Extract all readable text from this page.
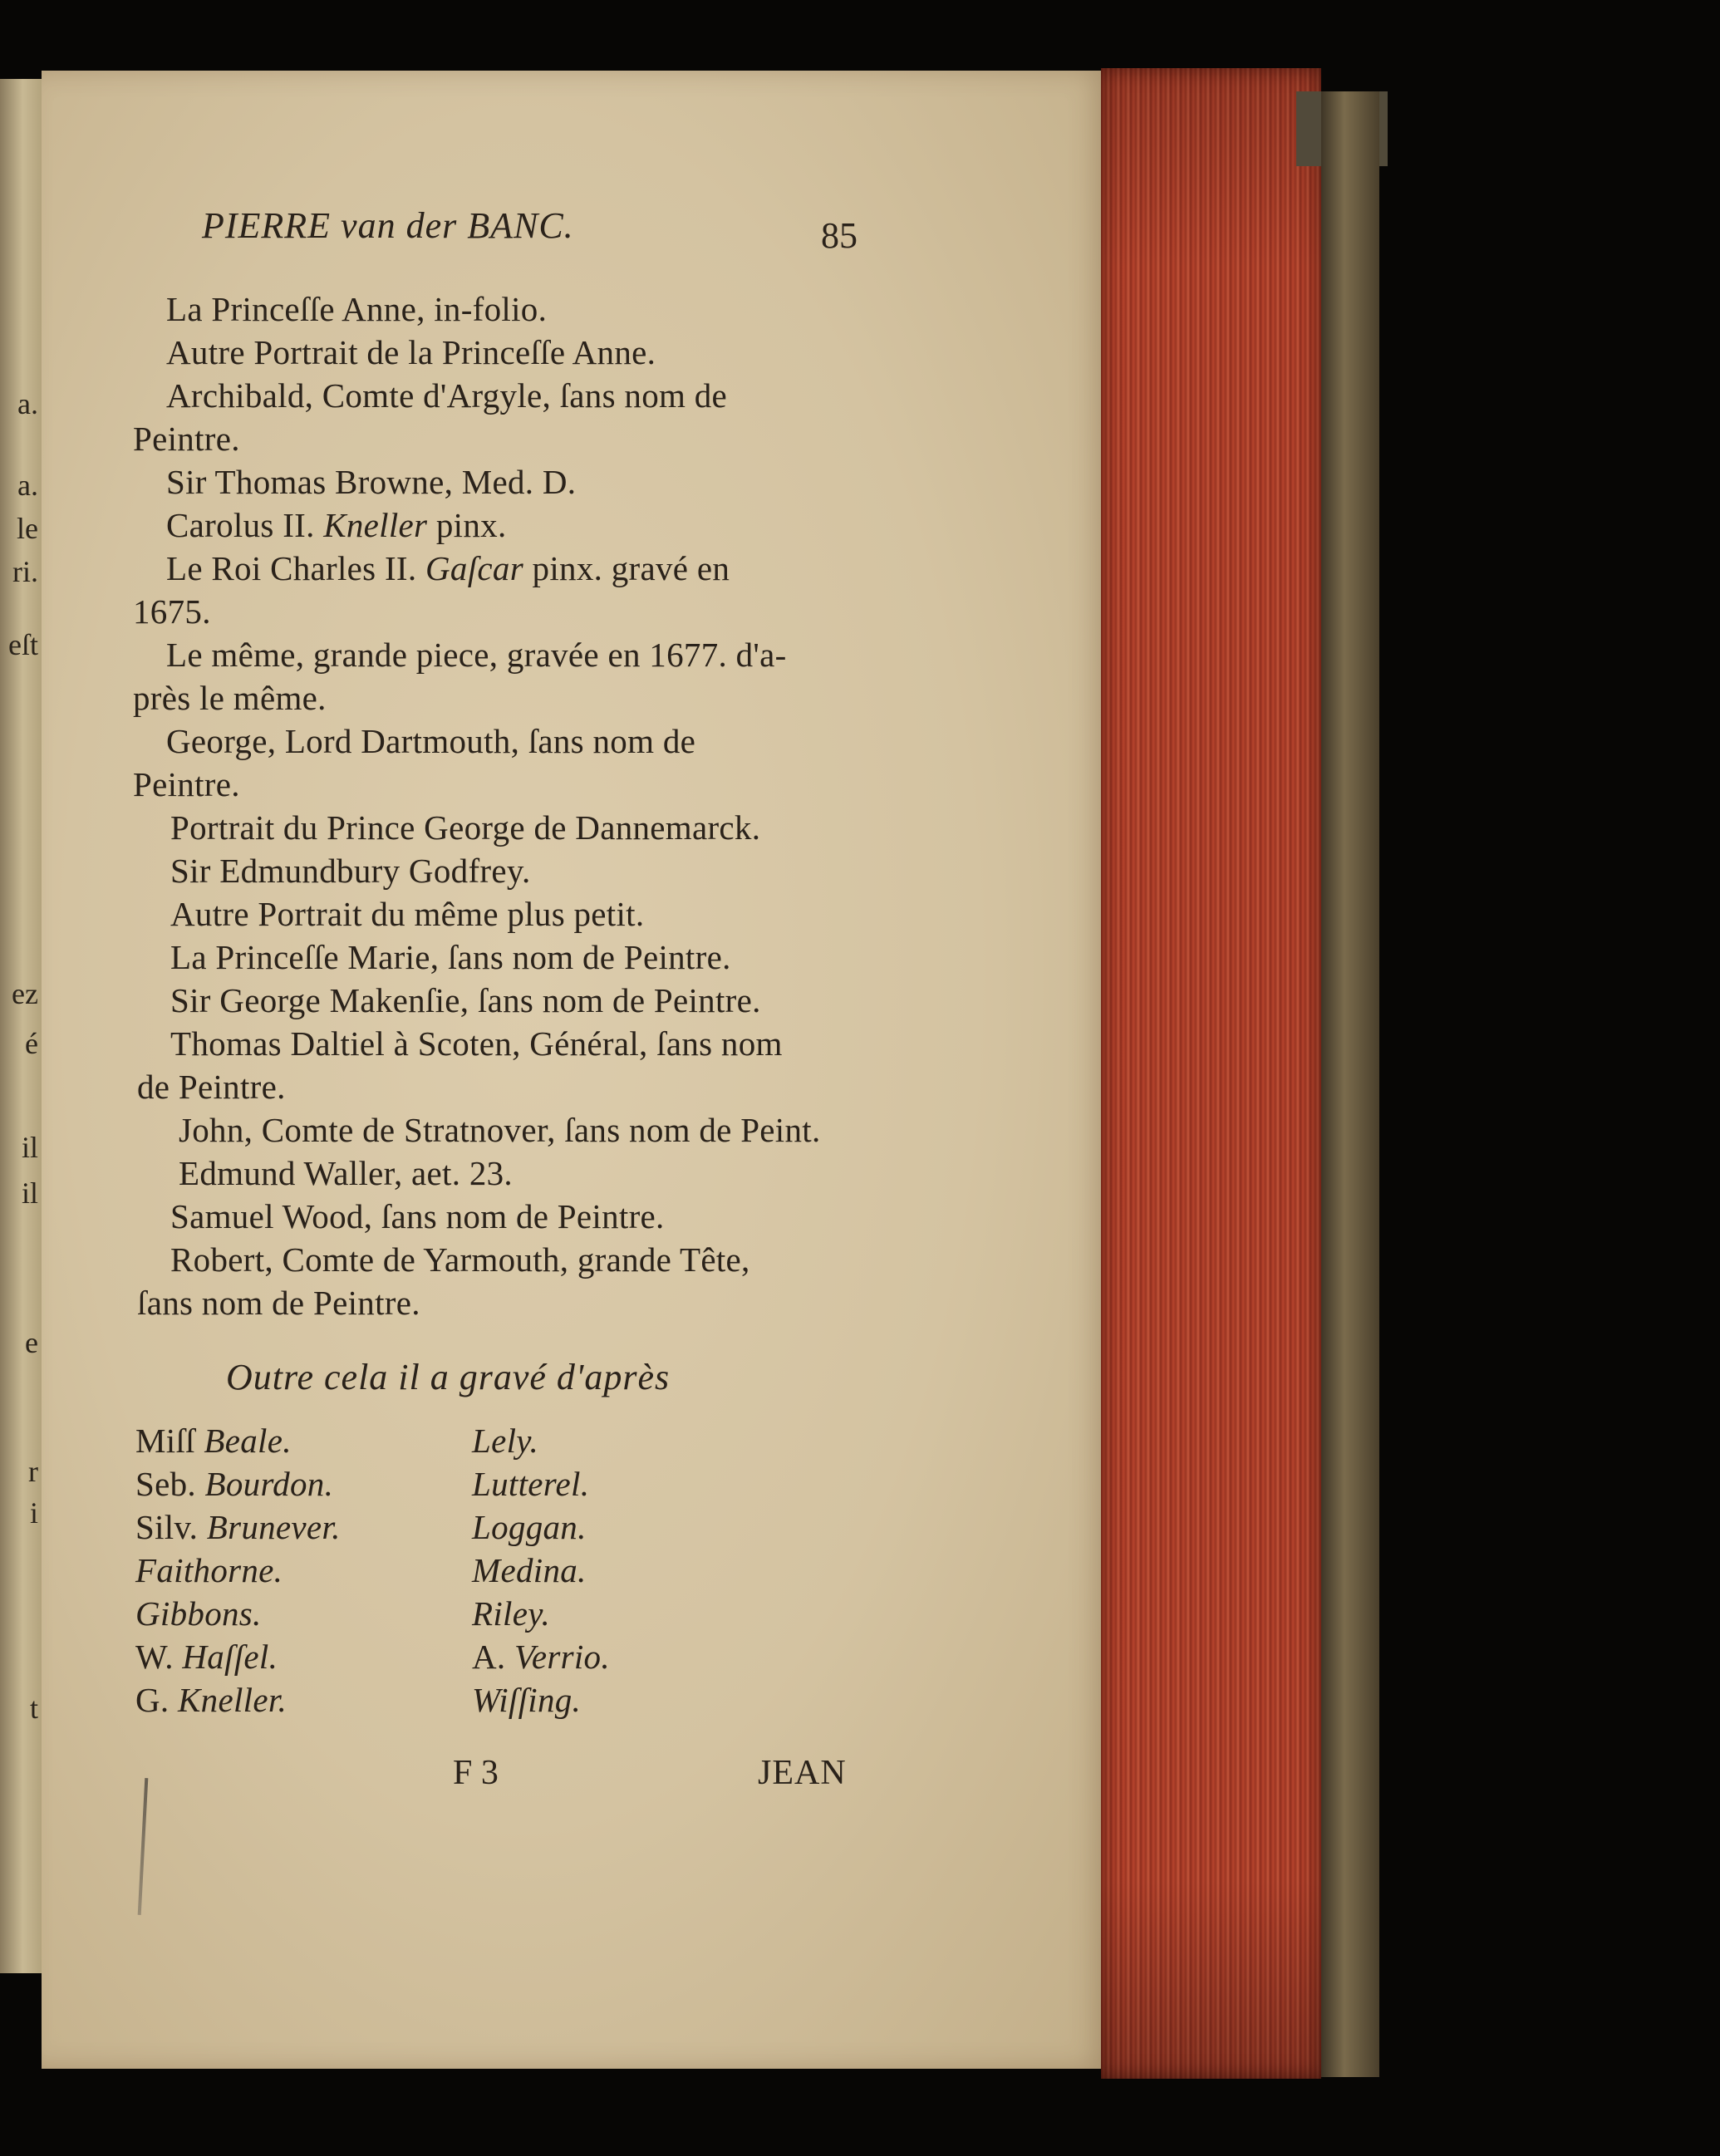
a.
a.
le
ri.
eſt
ez
é
il
il
e
r
i
t
PIERRE van der BANC.	85
La Princeſſe Anne, in-folio.
Autre Portrait de la Princeſſe Anne.
Archibald, Comte d'Argyle, ſans nom de
Peintre.
Sir Thomas Browne, Med. D.
Carolus II. Kneller pinx.
Le Roi Charles II. Gaſcar pinx. gravé en
1675.
Le même, grande piece, gravée en 1677. d'a-
près le même.
George, Lord Dartmouth, ſans nom de
Peintre.
Portrait du Prince George de Dannemarck.
Sir Edmundbury Godfrey.
Autre Portrait du même plus petit.
La Princeſſe Marie, ſans nom de Peintre.
Sir George Makenſie, ſans nom de Peintre.
Thomas Daltiel à Scoten, Général, ſans nom
de Peintre.
John, Comte de Stratnover, ſans nom de Peint.
Edmund Waller, aet. 23.
Samuel Wood, ſans nom de Peintre.
Robert, Comte de Yarmouth, grande Tête,
ſans nom de Peintre.
Outre cela il a gravé d'après
Miſſ Beale.
Seb. Bourdon.
Silv. Brunever.
Faithorne.
Gibbons.
W. Haſſel.
G. Kneller.
Lely.
Lutterel.
Loggan.
Medina.
Riley.
A. Verrio.
Wiſſing.
F 3	JEAN
